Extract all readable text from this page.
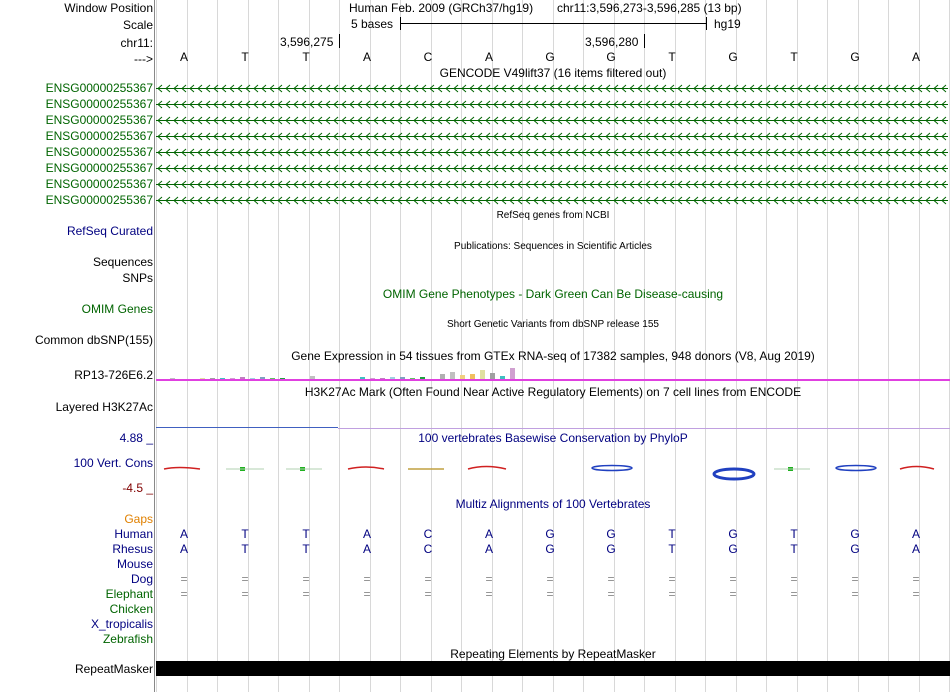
Window Position	Human Feb. 2009 (GRCh37/hg19) chr11:3,596,273-3,596,285 (13 bp)
Scale	5 bases	hg19
chr11:	3,596,275	3,596,280
--->	A	T	T	A	C	A	G	G	T	G	T	G	A
GENCODE V49lift37 (16 items filtered out)
ENSG00000255367
ENSG00000255367
ENSG00000255367
ENSG00000255367
ENSG00000255367
ENSG00000255367
ENSG00000255367
ENSG00000255367
RefSeq genes from NCBI
RefSeq Curated
Publications: Sequences in Scientific Articles
Sequences
SNPs
OMIM Gene Phenotypes - Dark Green Can Be Disease-causing
OMIM Genes
Short Genetic Variants from dbSNP release 155
Common dbSNP(155)
Gene Expression in 54 tissues from GTEx RNA-seq of 17382 samples, 948 donors (V8, Aug 2019)
RP13-726E6.2
H3K27Ac Mark (Often Found Near Active Regulatory Elements) on 7 cell lines from ENCODE
Layered H3K27Ac
100 vertebrates Basewise Conservation by PhyloP
4.88 _
100 Vert. Cons
-4.5 _
Multiz Alignments of 100 Vertebrates
Gaps
Human	A	T	T	A	C	A	G	G	T	G	T	G	A
Rhesus	A	T	T	A	C	A	G	G	T	G	T	G	A
Mouse
Dog	=	=	=	=	=	=	=	=	=	=	=	=	=
Elephant	=	=	=	=	=	=	=	=	=	=	=	=	=
Chicken
X_tropicalis
Zebrafish
Repeating Elements by RepeatMasker
RepeatMasker
